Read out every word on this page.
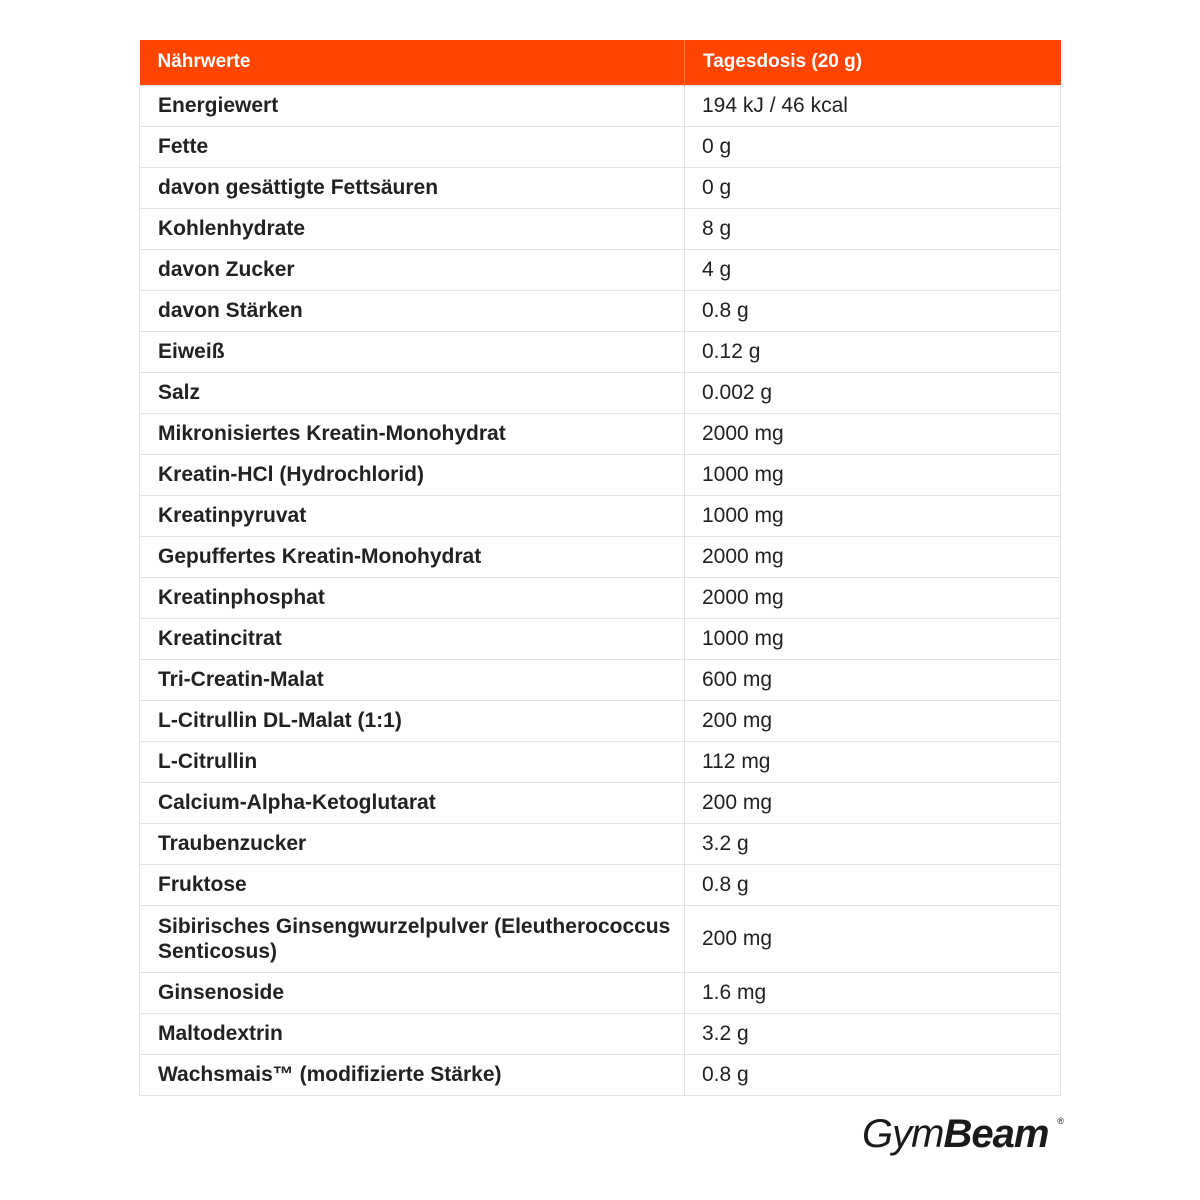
Nährwerte	Tagesdosis (20 g)
Energiewert	194 kJ / 46 kcal
Fette	0 g
davon gesättigte Fettsäuren	0 g
Kohlenhydrate	8 g
davon Zucker	4 g
davon Stärken	0.8 g
Eiweiß	0.12 g
Salz	0.002 g
Mikronisiertes Kreatin-Monohydrat	2000 mg
Kreatin-HCl (Hydrochlorid)	1000 mg
Kreatinpyruvat	1000 mg
Gepuffertes Kreatin-Monohydrat	2000 mg
Kreatinphosphat	2000 mg
Kreatincitrat	1000 mg
Tri-Creatin-Malat	600 mg
L-Citrullin DL-Malat (1:1)	200 mg
L-Citrullin	112 mg
Calcium-Alpha-Ketoglutarat	200 mg
Traubenzucker	3.2 g
Fruktose	0.8 g
Sibirisches Ginsengwurzelpulver (Eleutherococcus Senticosus)	200 mg
Ginsenoside	1.6 mg
Maltodextrin	3.2 g
Wachsmais™ (modifizierte Stärke)	0.8 g
GymBeam ®
